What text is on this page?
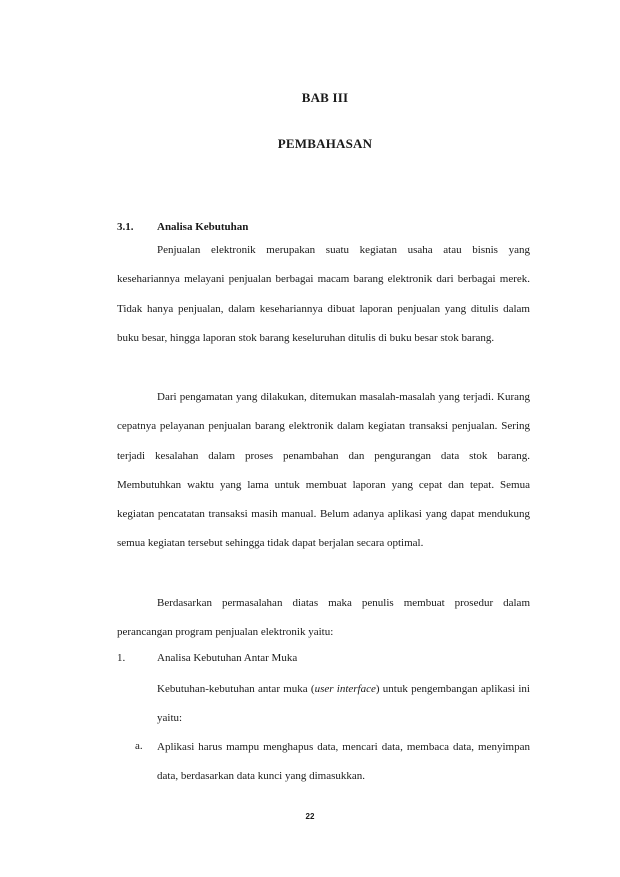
BAB III
PEMBAHASAN
3.1. Analisa Kebutuhan

Penjualan elektronik merupakan suatu kegiatan usaha atau bisnis yang kesehariannya melayani penjualan berbagai macam barang elektronik dari berbagai merek. Tidak hanya penjualan, dalam kesehariannya dibuat laporan penjualan yang ditulis dalam buku besar, hingga laporan stok barang keseluruhan ditulis di buku besar stok barang.

Dari pengamatan yang dilakukan, ditemukan masalah-masalah yang terjadi. Kurang cepatnya pelayanan penjualan barang elektronik dalam kegiatan transaksi penjualan. Sering terjadi kesalahan dalam proses penambahan dan pengurangan data stok barang. Membutuhkan waktu yang lama untuk membuat laporan yang cepat dan tepat. Semua kegiatan pencatatan transaksi masih manual. Belum adanya aplikasi yang dapat mendukung semua kegiatan tersebut sehingga tidak dapat berjalan secara optimal.

Berdasarkan permasalahan diatas maka penulis membuat prosedur dalam perancangan program penjualan elektronik yaitu:

1.	Analisa Kebutuhan Antar Muka

Kebutuhan-kebutuhan antar muka (user interface) untuk pengembangan aplikasi ini yaitu:

a. Aplikasi harus mampu menghapus data, mencari data, membaca data, menyimpan data, berdasarkan data kunci yang dimasukkan.

22
